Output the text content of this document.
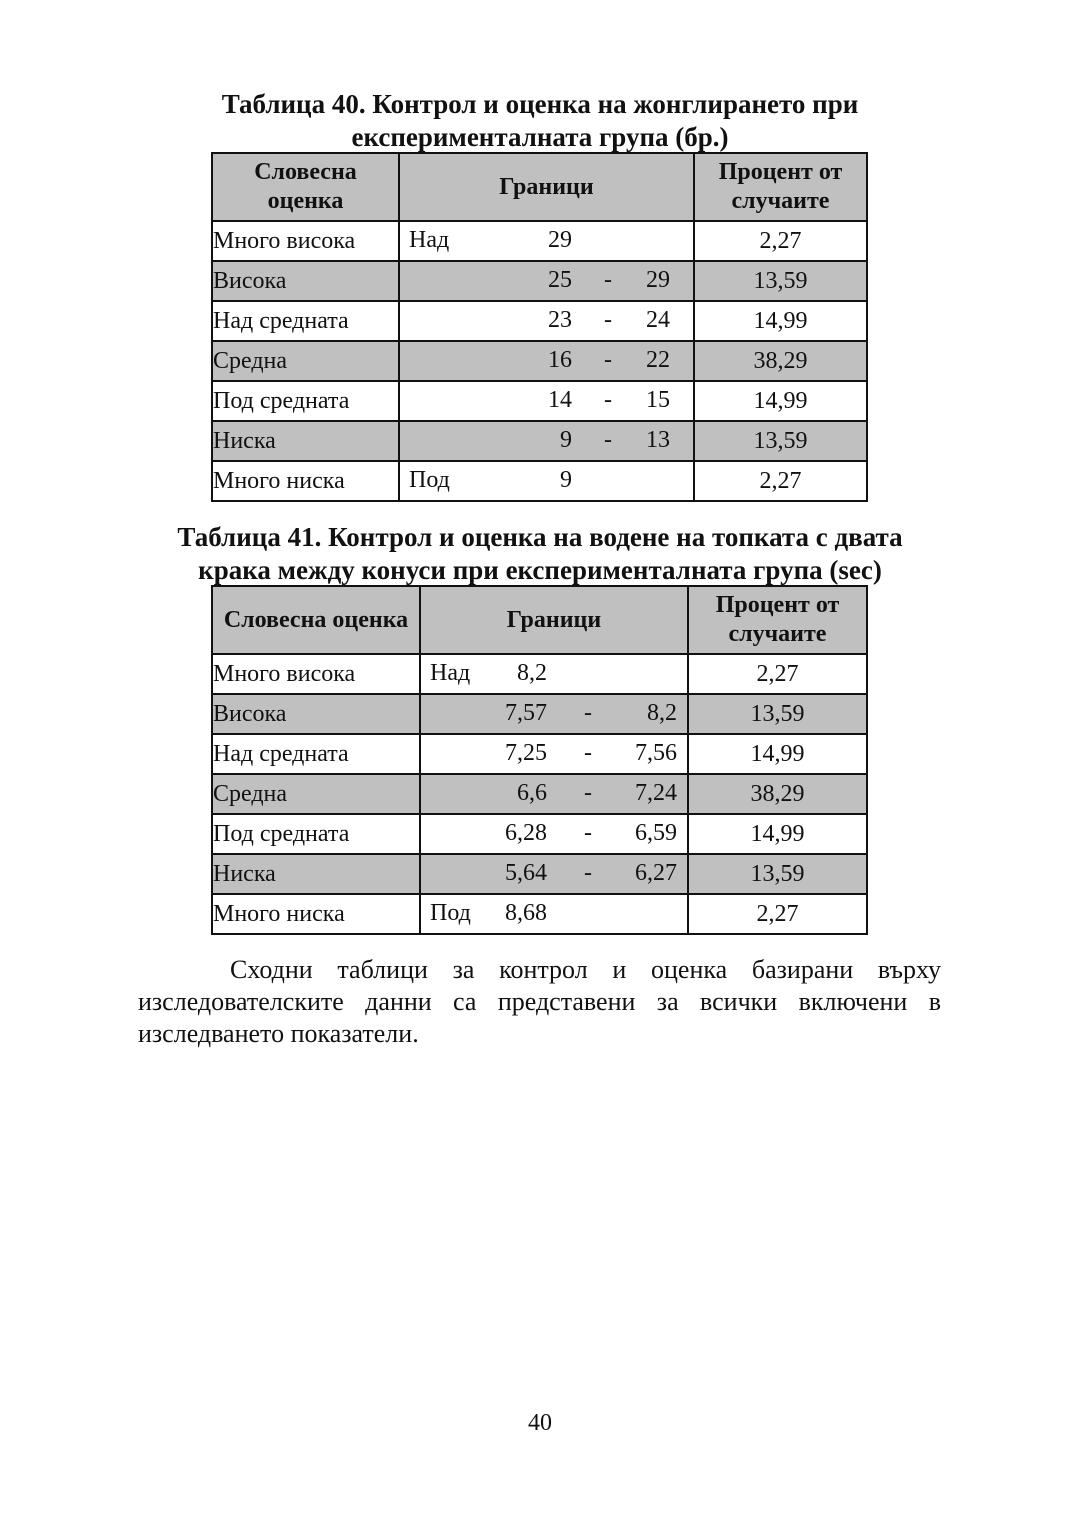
Таблица 40. Контрол и оценка на жонглирането при
експерименталната група (бр.)
Словесна оценка	Граници	Процент от случаите
Много висока	Над 29	2,27
Висока	25 - 29	13,59
Над средната	23 - 24	14,99
Средна	16 - 22	38,29
Под средната	14 - 15	14,99
Ниска	9 - 13	13,59
Много ниска	Под 9	2,27
Таблица 41. Контрол и оценка на водене на топката с двата
крака между конуси при експерименталната група (sec)
Словесна оценка	Граници	Процент от случаите
Много висока	Над 8,2	2,27
Висока	7,57 - 8,2	13,59
Над средната	7,25 - 7,56	14,99
Средна	6,6 - 7,24	38,29
Под средната	6,28 - 6,59	14,99
Ниска	5,64 - 6,27	13,59
Много ниска	Под 8,68	2,27
Сходни таблици за контрол и оценка базирани върху
изследователските данни са представени за всички включени в
изследването показатели.
40
